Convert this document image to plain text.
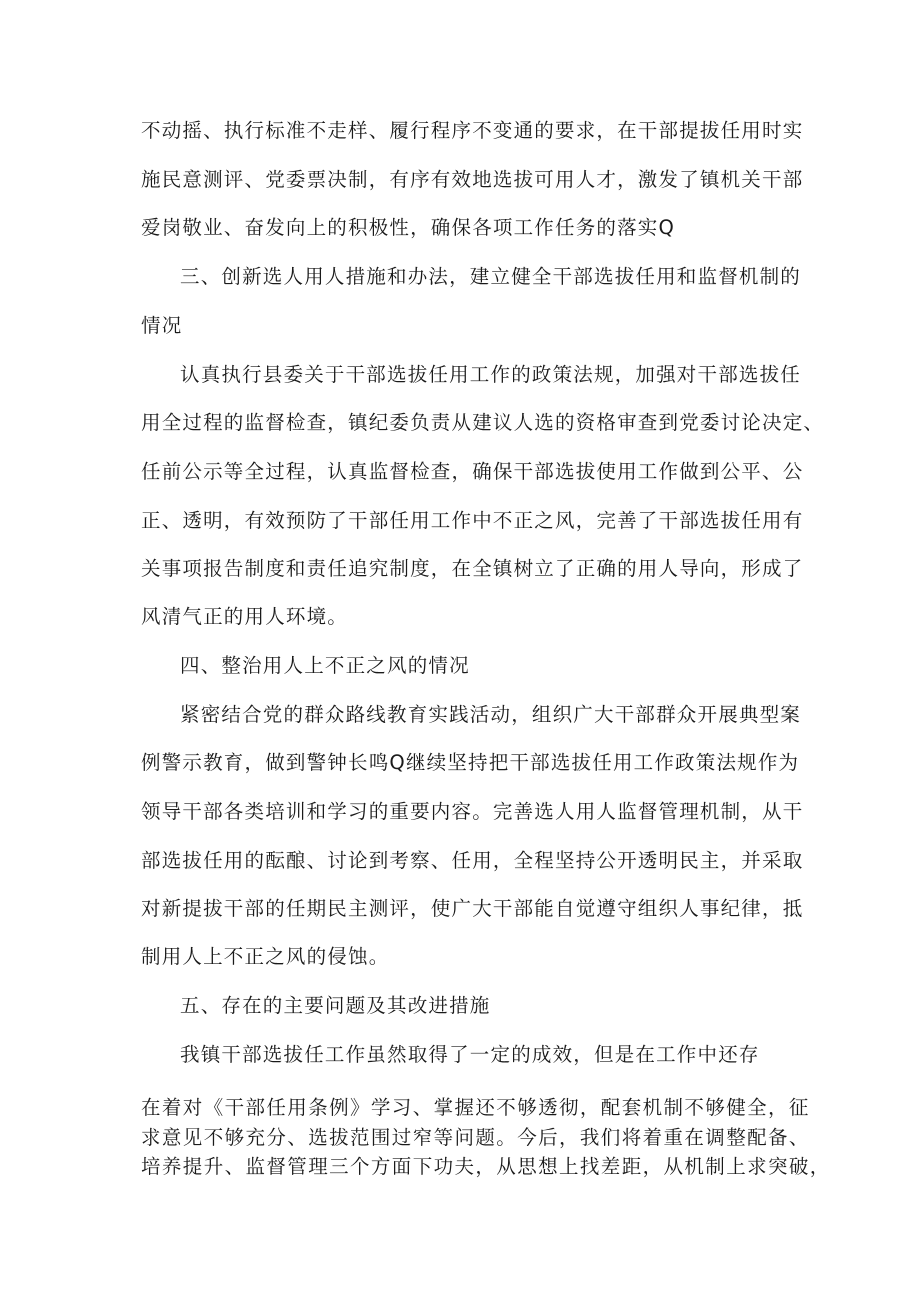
不动摇、执行标准不走样、履行程序不变通的要求，在干部提拔任用时实
施民意测评、党委票决制，有序有效地选拔可用人才，激发了镇机关干部
爱岗敬业、奋发向上的积极性，确保各项工作任务的落实Q
三、创新选人用人措施和办法，建立健全干部选拔任用和监督机制的
情况
认真执行县委关于干部选拔任用工作的政策法规，加强对干部选拔任
用全过程的监督检查，镇纪委负责从建议人选的资格审查到党委讨论决定、
任前公示等全过程，认真监督检查，确保干部选拔使用工作做到公平、公
正、透明，有效预防了干部任用工作中不正之风，完善了干部选拔任用有
关事项报告制度和责任追究制度，在全镇树立了正确的用人导向，形成了
风清气正的用人环境。
四、整治用人上不正之风的情况
紧密结合党的群众路线教育实践活动，组织广大干部群众开展典型案
例警示教育，做到警钟长鸣Q继续坚持把干部选拔任用工作政策法规作为
领导干部各类培训和学习的重要内容。完善选人用人监督管理机制，从干
部选拔任用的酝酿、讨论到考察、任用，全程坚持公开透明民主，并采取
对新提拔干部的任期民主测评，使广大干部能自觉遵守组织人事纪律，抵
制用人上不正之风的侵蚀。
五、存在的主要问题及其改进措施
我镇干部选拔任工作虽然取得了一定的成效，但是在工作中还存
在着对《干部任用条例》学习、掌握还不够透彻，配套机制不够健全，征
求意见不够充分、选拔范围过窄等问题。今后，我们将着重在调整配备、
培养提升、监督管理三个方面下功夫，从思想上找差距，从机制上求突破，
